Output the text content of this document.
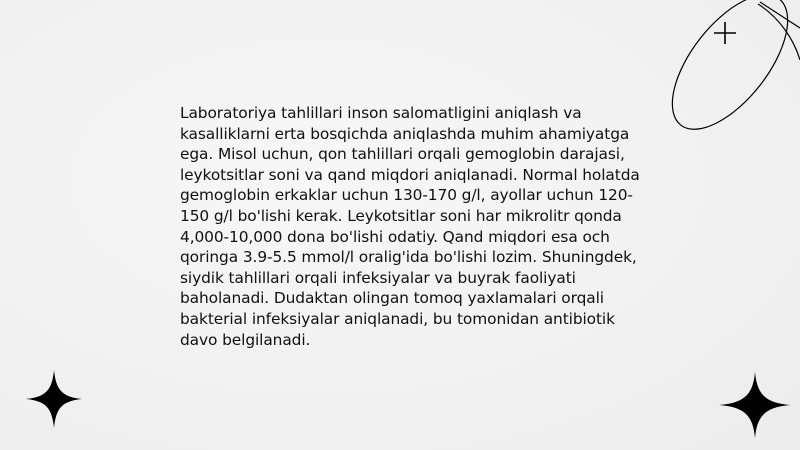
Laboratoriya tahlillari inson salomatligini aniqlash va kasalliklarni erta bosqichda aniqlashda muhim ahamiyatga ega. Misol uchun, qon tahlillari orqali gemoglobin darajasi, leykotsitlar soni va qand miqdori aniqlanadi. Normal holatda gemoglobin erkaklar uchun 130-170 g/l, ayollar uchun 120-150 g/l bo'lishi kerak. Leykotsitlar soni har mikrolitr qonda 4,000-10,000 dona bo'lishi odatiy. Qand miqdori esa och qoringa 3.9-5.5 mmol/l oralig'ida bo'lishi lozim. Shuningdek, siydik tahlillari orqali infeksiyalar va buyrak faoliyati baholanadi. Dudaktan olingan tomoq yaxlamalari orqali bakterial infeksiyalar aniqlanadi, bu tomonidan antibiotik davo belgilanadi.
